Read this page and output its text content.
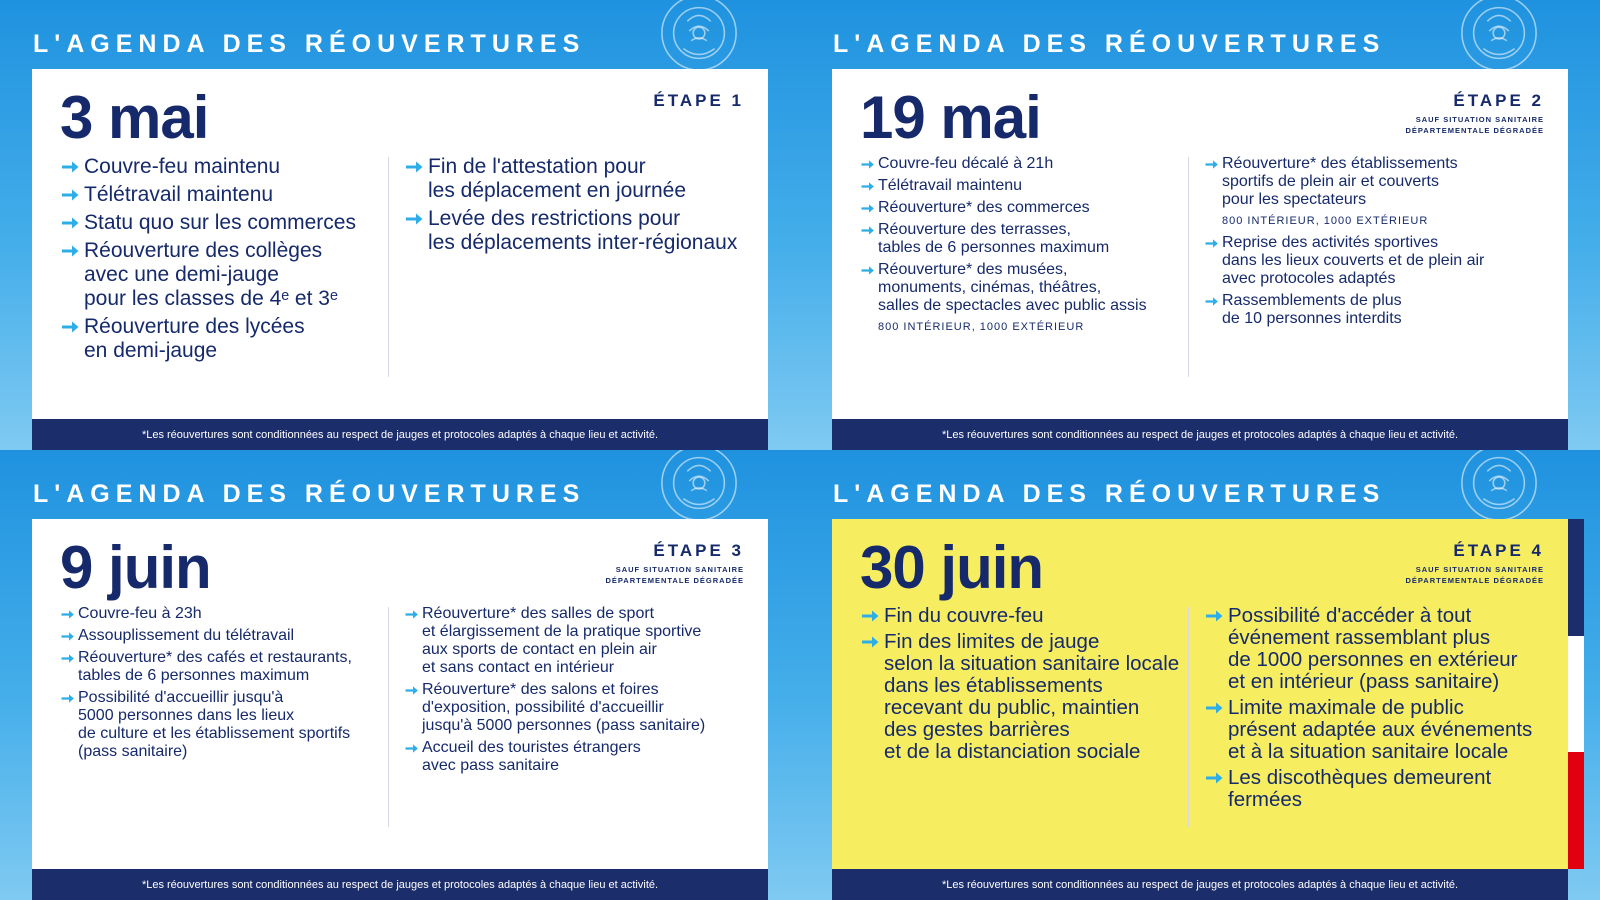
L'AGENDA DES RÉOUVERTURES
3 mai	ÉTAPE 1
Couvre-feu maintenu
Télétravail maintenu
Statu quo sur les commerces
Réouverture des collèges
avec une demi-jauge
pour les classes de 4ᵉ et 3ᵉ
Réouverture des lycées
en demi-jauge
Fin de l'attestation pour
les déplacement en journée
Levée des restrictions pour
les déplacements inter-régionaux
*Les réouvertures sont conditionnées au respect de jauges et protocoles adaptés à chaque lieu et activité.
L'AGENDA DES RÉOUVERTURES
19 mai	ÉTAPE 2
SAUF SITUATION SANITAIRE DÉPARTEMENTALE DÉGRADÉE
Couvre-feu décalé à 21h
Télétravail maintenu
Réouverture* des commerces
Réouverture des terrasses,
tables de 6 personnes maximum
Réouverture* des musées,
monuments, cinémas, théâtres,
salles de spectacles avec public assis
800 INTÉRIEUR, 1000 EXTÉRIEUR
Réouverture* des établissements
sportifs de plein air et couverts
pour les spectateurs
800 INTÉRIEUR, 1000 EXTÉRIEUR
Reprise des activités sportives
dans les lieux couverts et de plein air
avec protocoles adaptés
Rassemblements de plus
de 10 personnes interdits
*Les réouvertures sont conditionnées au respect de jauges et protocoles adaptés à chaque lieu et activité.
L'AGENDA DES RÉOUVERTURES
9 juin	ÉTAPE 3
SAUF SITUATION SANITAIRE DÉPARTEMENTALE DÉGRADÉE
Couvre-feu à 23h
Assouplissement du télétravail
Réouverture* des cafés et restaurants,
tables de 6 personnes maximum
Possibilité d'accueillir jusqu'à
5000 personnes dans les lieux
de culture et les établissement sportifs
(pass sanitaire)
Réouverture* des salles de sport
et élargissement de la pratique sportive
aux sports de contact en plein air
et sans contact en intérieur
Réouverture* des salons et foires
d'exposition, possibilité d'accueillir
jusqu'à 5000 personnes (pass sanitaire)
Accueil des touristes étrangers
avec pass sanitaire
*Les réouvertures sont conditionnées au respect de jauges et protocoles adaptés à chaque lieu et activité.
L'AGENDA DES RÉOUVERTURES
30 juin	ÉTAPE 4
SAUF SITUATION SANITAIRE DÉPARTEMENTALE DÉGRADÉE
Fin du couvre-feu
Fin des limites de jauge
selon la situation sanitaire locale
dans les établissements
recevant du public, maintien
des gestes barrières
et de la distanciation sociale
Possibilité d'accéder à tout
événement rassemblant plus
de 1000 personnes en extérieur
et en intérieur (pass sanitaire)
Limite maximale de public
présent adaptée aux événements
et à la situation sanitaire locale
Les discothèques demeurent
fermées
*Les réouvertures sont conditionnées au respect de jauges et protocoles adaptés à chaque lieu et activité.
